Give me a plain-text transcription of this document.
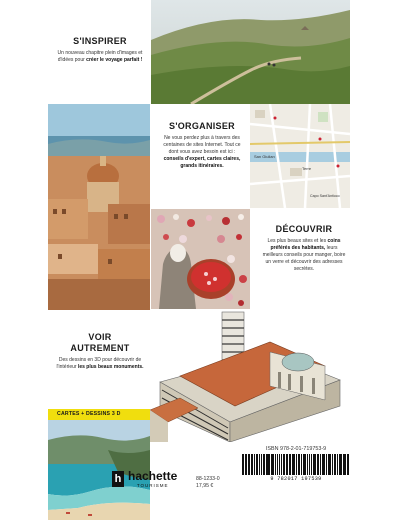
S'INSPIRER

Un nouveau chapitre plein d'images et d'idées pour créer le voyage parfait !

Terre
San Giulian
Capo Sant'Antioco
S'ORGANISER

Ne vous perdez plus à travers des centaines de sites Internet. Tout ce dont vous avez besoin est ici : conseils d'expert, cartes claires, grands itinéraires.

DÉCOUVRIR

Les plus beaux sites et les coins préférés des habitants, leurs meilleurs conseils pour manger, boire un verre et découvrir des adresses secrètes.

VOIR
AUTREMENT

Des dessins en 3D pour découvrir de l'intérieur les plus beaux monuments.

CARTES + DESSINS 3 D
h hachette
TOURISME
88-1233-0
17,95 €
ISBN 978-2-01-719753-9
9 782017 197539
